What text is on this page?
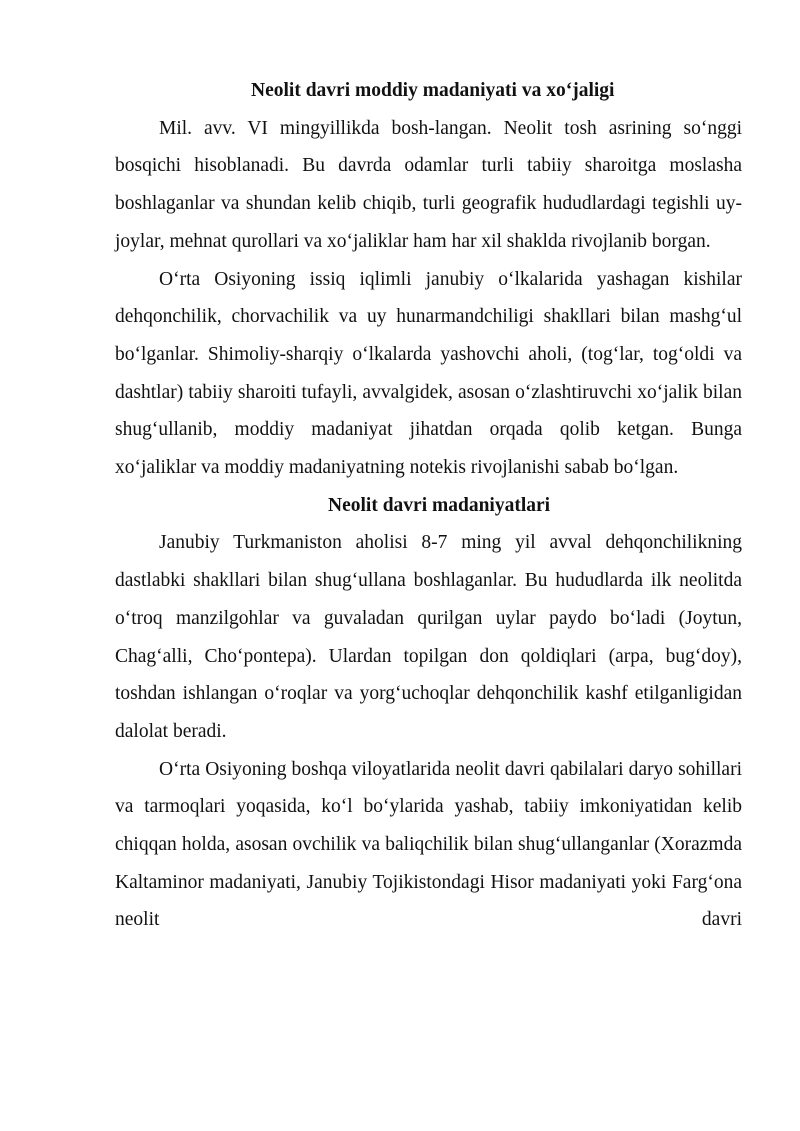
Neolit davri moddiy madaniyati va xo‘jaligi

Mil. avv. VI mingyillikda bosh-langan. Neolit tosh asrining so‘nggi bosqichi hisoblanadi. Bu davrda odamlar turli tabiiy sharoitga moslasha boshlaganlar va shundan kelib chiqib, turli geografik hududlardagi tegishli uy-joylar, mehnat qurollari va xo‘jaliklar ham har xil shaklda rivojlanib borgan.

O‘rta Osiyoning issiq iqlimli janubiy o‘lkalarida yashagan kishilar dehqonchilik, chorvachilik va uy hunarmandchiligi shakllari bilan mashg‘ul bo‘lganlar. Shimoliy-sharqiy o‘lkalarda yashovchi aholi, (tog‘lar, tog‘oldi va dashtlar) tabiiy sharoiti tufayli, avvalgidek, asosan o‘zlashtiruvchi xo‘jalik bilan shug‘ullanib, moddiy madaniyat jihatdan orqada qolib ketgan. Bunga xo‘jaliklar va moddiy madaniyatning notekis rivojlanishi sabab bo‘lgan.

Neolit davri madaniyatlari

Janubiy Turkmaniston aholisi 8-7 ming yil avval dehqonchilikning dastlabki shakllari bilan shug‘ullana boshlaganlar. Bu hududlarda ilk neolitda o‘troq manzilgohlar va guvaladan qurilgan uylar paydo bo‘ladi (Joytun, Chag‘alli, Cho‘pontepa). Ulardan topilgan don qoldiqlari (arpa, bug‘doy), toshdan ishlangan o‘roqlar va yorg‘uchoqlar dehqonchilik kashf etilganligidan dalolat beradi.

O‘rta Osiyoning boshqa viloyatlarida neolit davri qabilalari daryo sohillari va tarmoqlari yoqasida, ko‘l bo‘ylarida yashab, tabiiy imkoniyatidan kelib chiqqan holda, asosan ovchilik va baliqchilik bilan shug‘ullanganlar (Xorazmda Kaltaminor madaniyati, Janubiy Tojikistondagi Hisor madaniyati yoki Farg‘ona neolit davri
